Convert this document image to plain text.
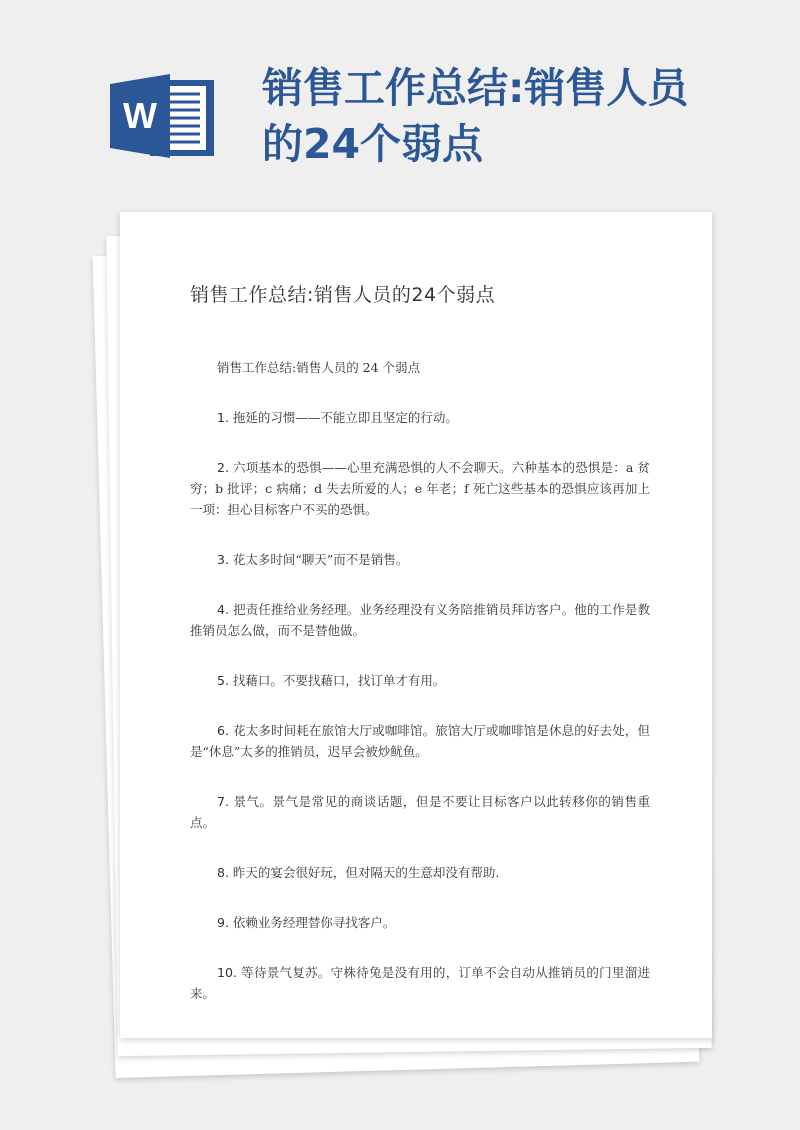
W
销售工作总结:销售人员的24个弱点
销售工作总结:销售人员的24个弱点

销售工作总结:销售人员的 24 个弱点

1. 拖延的习惯——不能立即且坚定的行动。

2. 六项基本的恐惧——心里充满恐惧的人不会聊天。六种基本的恐惧是：a 贫穷；b 批评；c 病痛；d 失去所爱的人；e 年老；f 死亡这些基本的恐惧应该再加上一项：担心目标客户不买的恐惧。

3. 花太多时间“聊天”而不是销售。

4. 把责任推给业务经理。业务经理没有义务陪推销员拜访客户。他的工作是教推销员怎么做，而不是替他做。

5. 找藉口。不要找藉口，找订单才有用。

6. 花太多时间耗在旅馆大厅或咖啡馆。旅馆大厅或咖啡馆是休息的好去处，但是“休息”太多的推销员，迟早会被炒鱿鱼。

7. 景气。景气是常见的商谈话题，但是不要让目标客户以此转移你的销售重点。

8. 昨天的宴会很好玩，但对隔天的生意却没有帮助.

9. 依赖业务经理替你寻找客户。

10. 等待景气复苏。守株待兔是没有用的，订单不会自动从推销员的门里溜进来。
